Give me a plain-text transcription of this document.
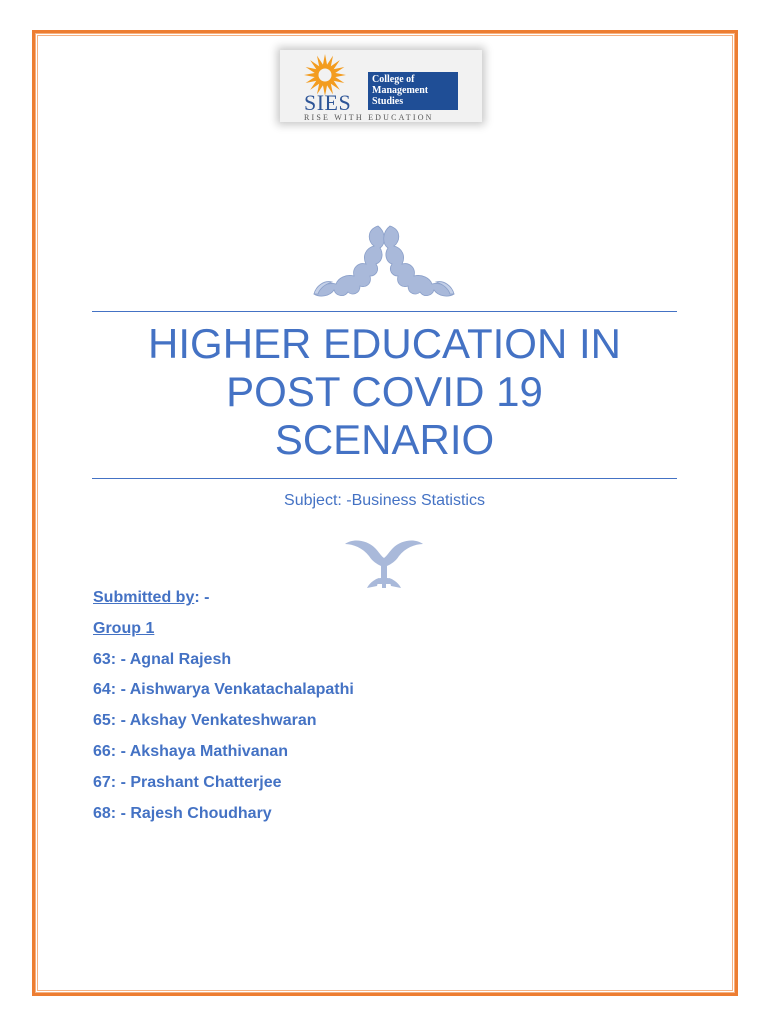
SIES
College of
Management
Studies
RISE WITH EDUCATION
HIGHER EDUCATION IN
POST COVID 19
SCENARIO
Subject: -Business Statistics
Submitted by: -
Group 1
63: - Agnal Rajesh
64: - Aishwarya Venkatachalapathi
65: - Akshay Venkateshwaran
66: - Akshaya Mathivanan
67: - Prashant Chatterjee
68: - Rajesh Choudhary
